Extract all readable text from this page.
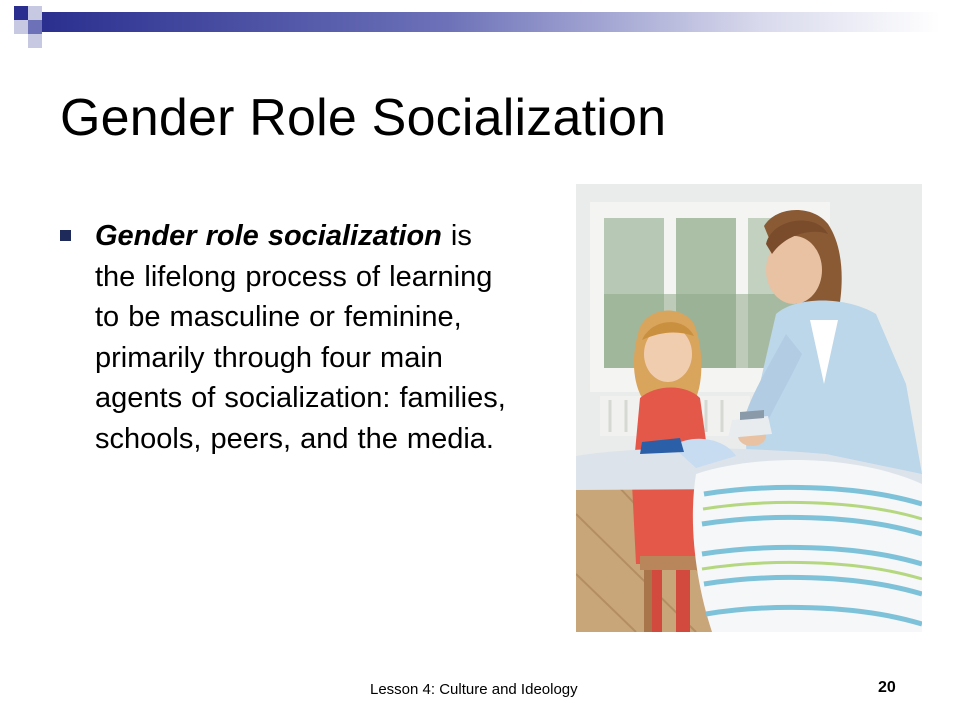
Gender Role Socialization

Gender role socialization is the lifelong process of learning to be masculine or feminine, primarily through four main agents of socialization: families, schools, peers, and the media.

Lesson 4: Culture and Ideology	20
